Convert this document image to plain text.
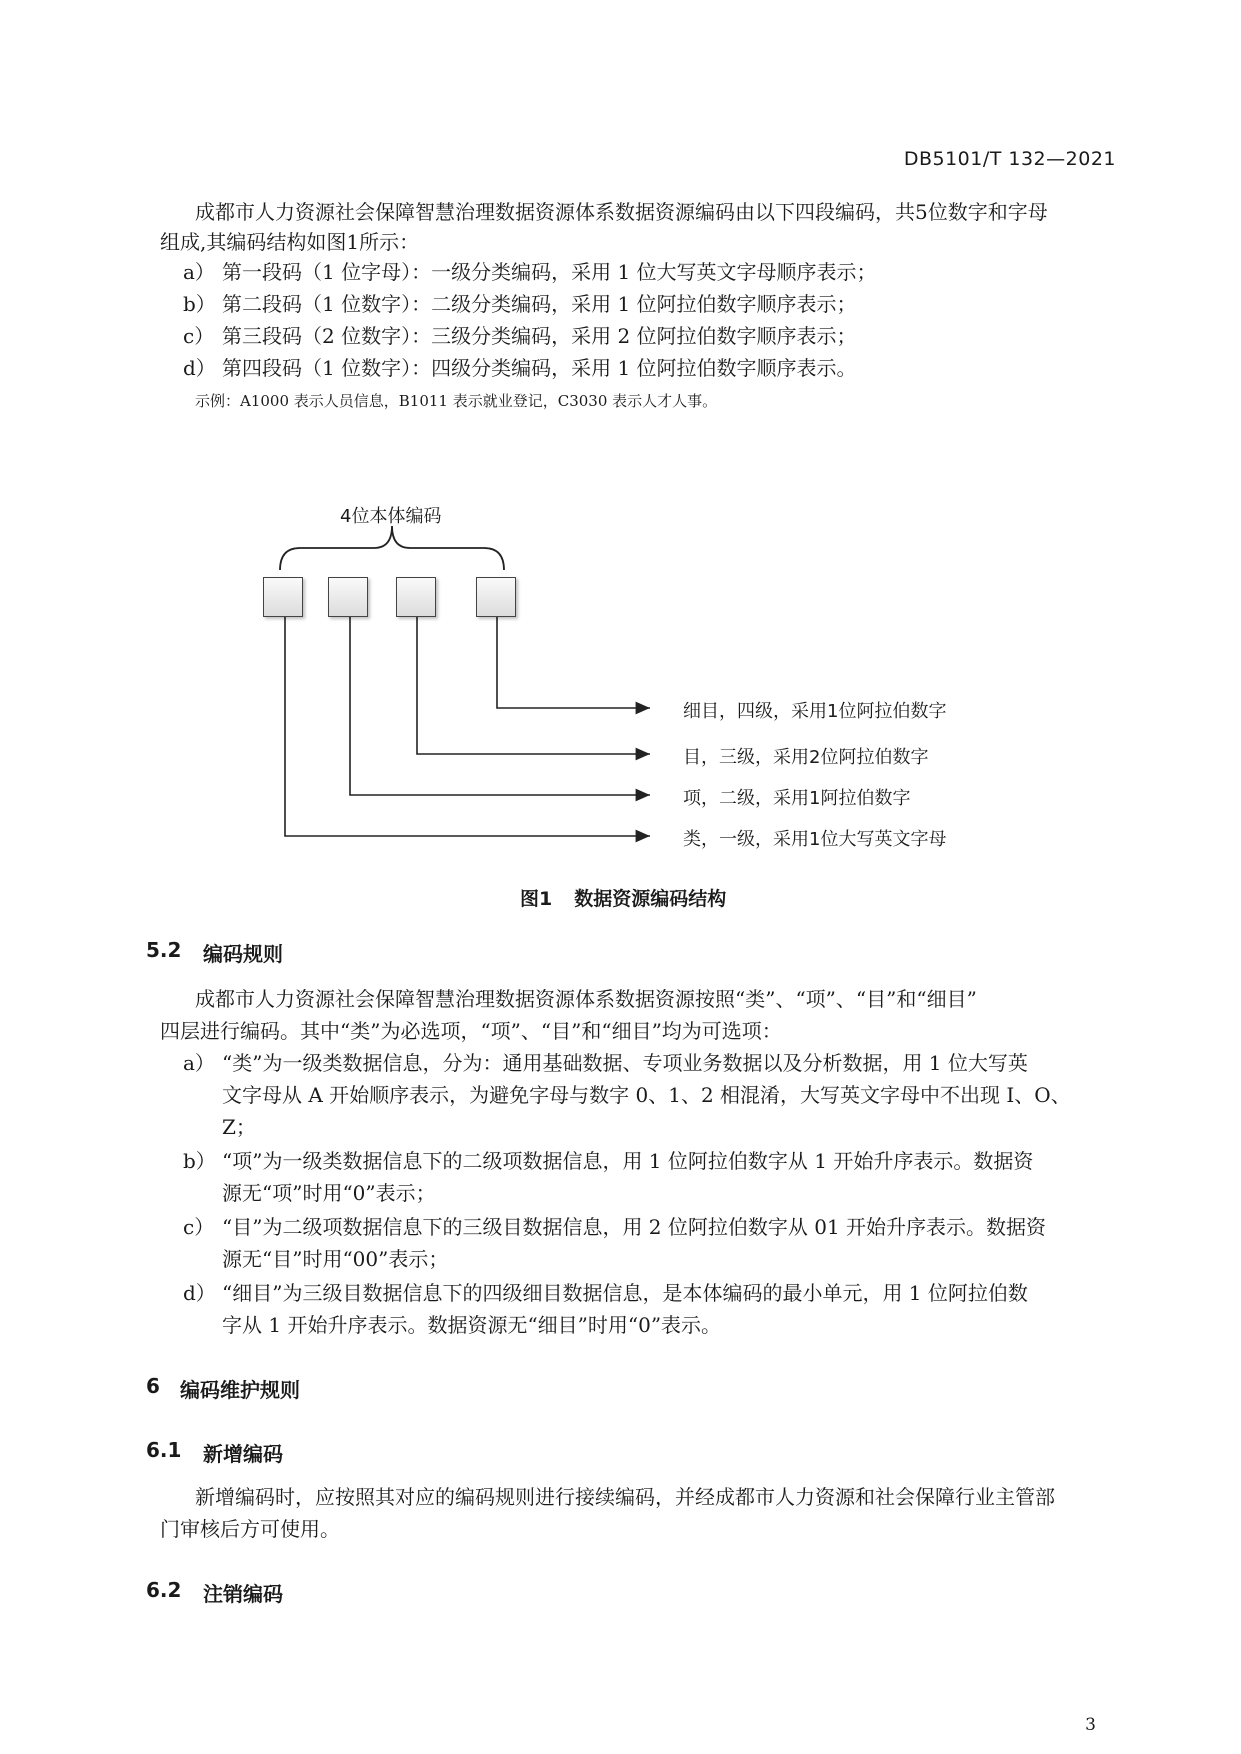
DB5101/T 132—2021
成都市人力资源社会保障智慧治理数据资源体系数据资源编码由以下四段编码，共5位数字和字母
组成,其编码结构如图1所示：
a） 第一段码（1 位字母）：一级分类编码，采用 1 位大写英文字母顺序表示；
b） 第二段码（1 位数字）：二级分类编码，采用 1 位阿拉伯数字顺序表示；
c） 第三段码（2 位数字）：三级分类编码，采用 2 位阿拉伯数字顺序表示；
d） 第四段码（1 位数字）：四级分类编码，采用 1 位阿拉伯数字顺序表示。
示例：A1000 表示人员信息，B1011 表示就业登记，C3030 表示人才人事。
4位本体编码
细目，四级，采用1位阿拉伯数字
目，三级，采用2位阿拉伯数字
项，二级，采用1阿拉伯数字
类，一级，采用1位大写英文字母
图1 数据资源编码结构
5.2 编码规则
成都市人力资源社会保障智慧治理数据资源体系数据资源按照“类”、“项”、“目”和“细目”
四层进行编码。其中“类”为必选项，“项”、“目”和“细目”均为可选项：
a） “类”为一级类数据信息，分为：通用基础数据、专项业务数据以及分析数据，用 1 位大写英
文字母从 A 开始顺序表示，为避免字母与数字 0、1、2 相混淆，大写英文字母中不出现 I、O、
Z；
b） “项”为一级类数据信息下的二级项数据信息，用 1 位阿拉伯数字从 1 开始升序表示。数据资
源无“项”时用“0”表示；
c） “目”为二级项数据信息下的三级目数据信息，用 2 位阿拉伯数字从 01 开始升序表示。数据资
源无“目”时用“00”表示；
d） “细目”为三级目数据信息下的四级细目数据信息，是本体编码的最小单元，用 1 位阿拉伯数
字从 1 开始升序表示。数据资源无“细目”时用“0”表示。
6 编码维护规则
6.1 新增编码
新增编码时，应按照其对应的编码规则进行接续编码，并经成都市人力资源和社会保障行业主管部
门审核后方可使用。
6.2 注销编码
3
